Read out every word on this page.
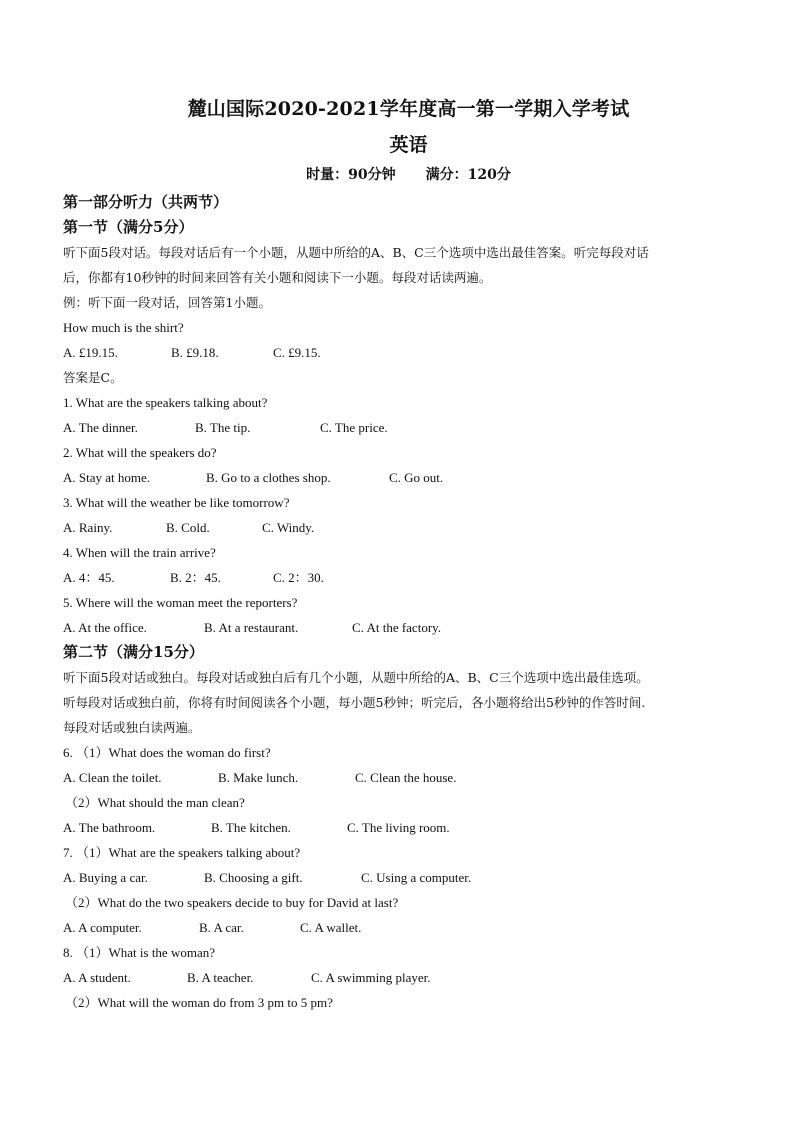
麓山国际2020-2021学年度高一第一学期入学考试

英语

时量：90分钟 满分：120分

第一部分听力（共两节）

第一节（满分5分）

听下面5段对话。每段对话后有一个小题，从题中所给的A、B、C三个选项中选出最佳答案。听完每段对话

后，你都有10秒钟的时间来回答有关小题和阅读下一小题。每段对话读两遍。

例：听下面一段对话，回答第1小题。

How much is the shirt?

A. £19.15.	B. £9.18.	C. £9.15.

答案是C。

1. What are the speakers talking about?

A. The dinner.	B. The tip.	C. The price.

2. What will the speakers do?

A. Stay at home.	B. Go to a clothes shop.	C. Go out.

3. What will the weather be like tomorrow?

A. Rainy.	B. Cold.	C. Windy.

4. When will the train arrive?

A. 4：45.	B. 2：45.	C. 2：30.

5. Where will the woman meet the reporters?

A. At the office.	B. At a restaurant.	C. At the factory.

第二节（满分15分）

听下面5段对话或独白。每段对话或独白后有几个小题，从题中所给的A、B、C三个选项中选出最佳选项。

听每段对话或独白前，你将有时间阅读各个小题，每小题5秒钟；听完后，各小题将给出5秒钟的作答时间.

每段对话或独白读两遍。

6. （1）What does the woman do first?

A. Clean the toilet.	B. Make lunch.	C. Clean the house.

（2）What should the man clean?

A. The bathroom.	B. The kitchen.	C. The living room.

7. （1）What are the speakers talking about?

A. Buying a car.	B. Choosing a gift.	C. Using a computer.

（2）What do the two speakers decide to buy for David at last?

A. A computer.	B. A car.	C. A wallet.

8. （1）What is the woman?

A. A student.	B. A teacher.	C. A swimming player.

（2）What will the woman do from 3 pm to 5 pm?
